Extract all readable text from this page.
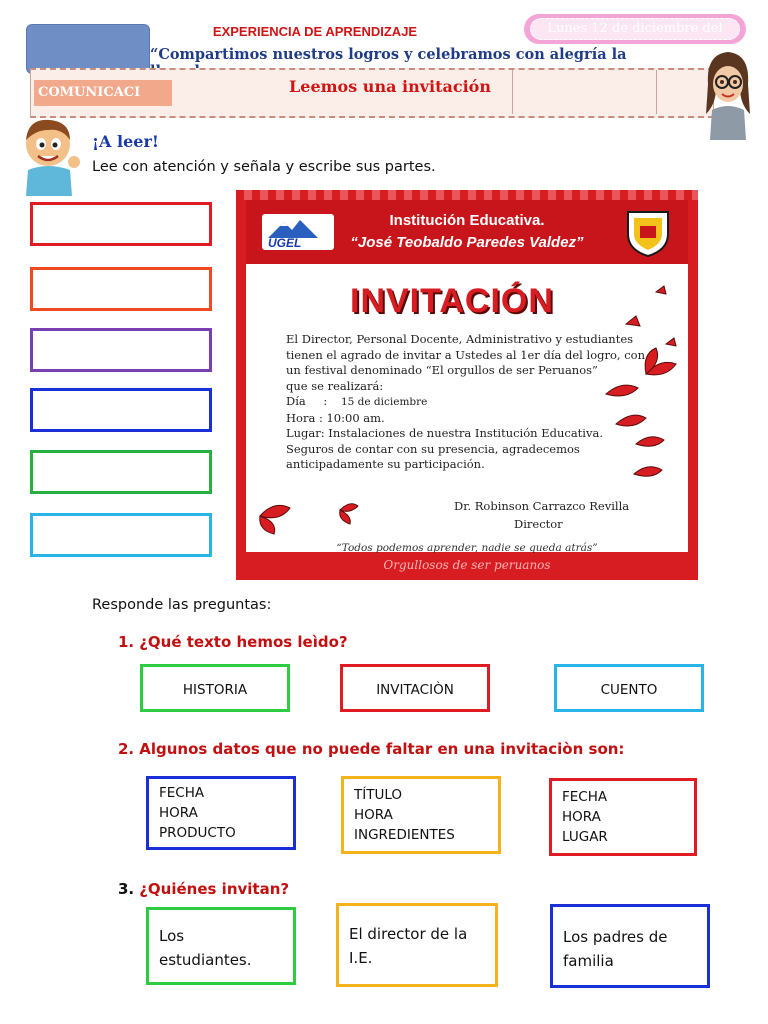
EXPERIENCIA DE APRENDIZAJE	Lunes 12 de diciembre del
“Compartimos nuestros logros y celebramos con alegría la
COMUNICACI	Leemos una invitación
¡A leer!
Lee con atención y señala y escribe sus partes.
UGEL
Institución Educativa.
“José Teobaldo Paredes Valdez”
INVITACIÓN
El Director, Personal Docente, Administrativo y estudiantes
tienen el agrado de invitar a Ustedes al 1er día del logro, con
un festival denominado “El orgullos de ser Peruanos”
que se realizará:
Día : 15 de diciembre
Hora : 10:00 am.
Lugar: Instalaciones de nuestra Institución Educativa.
Seguros de contar con su presencia, agradecemos
anticipadamente su participación.
Dr. Robinson Carrazco Revilla
Director
“Todos podemos aprender, nadie se queda atrás”
Orgullosos de ser peruanos
Responde las preguntas:
1. ¿Qué texto hemos leìdo?
HISTORIA	INVITACIÒN	CUENTO
2. Algunos datos que no puede faltar en una invitaciòn son:
FECHA
HORA
PRODUCTO
TÍTULO
HORA
INGREDIENTES
FECHA
HORA
LUGAR
3. ¿Quiénes invitan?
Los
estudiantes.
El director de la
I.E.
Los padres de
familia
